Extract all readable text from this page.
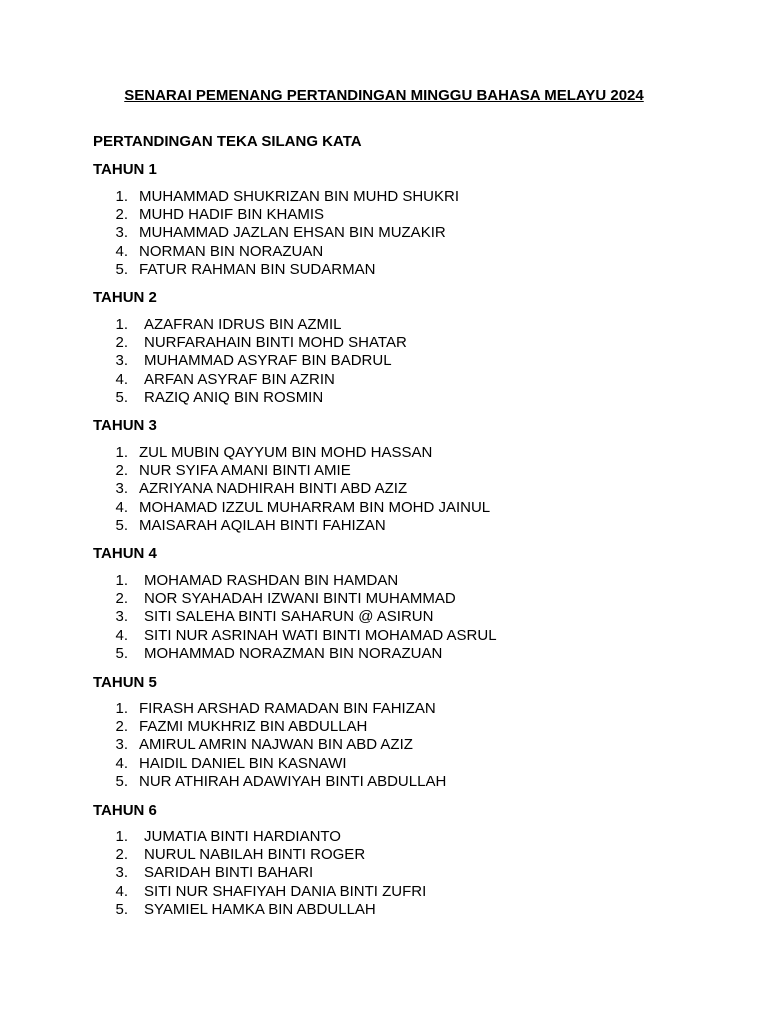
SENARAI PEMENANG PERTANDINGAN MINGGU BAHASA MELAYU 2024
PERTANDINGAN TEKA SILANG KATA
TAHUN 1
1. MUHAMMAD SHUKRIZAN BIN MUHD SHUKRI
2. MUHD HADIF BIN KHAMIS
3. MUHAMMAD JAZLAN EHSAN BIN MUZAKIR
4. NORMAN BIN NORAZUAN
5. FATUR RAHMAN BIN SUDARMAN
TAHUN 2
1. AZAFRAN IDRUS BIN AZMIL
2. NURFARAHAIN BINTI MOHD SHATAR
3. MUHAMMAD ASYRAF BIN BADRUL
4. ARFAN ASYRAF BIN AZRIN
5. RAZIQ ANIQ BIN ROSMIN
TAHUN 3
1. ZUL MUBIN QAYYUM BIN MOHD HASSAN
2. NUR SYIFA AMANI BINTI AMIE
3. AZRIYANA NADHIRAH BINTI ABD AZIZ
4. MOHAMAD IZZUL MUHARRAM BIN MOHD JAINUL
5. MAISARAH AQILAH BINTI FAHIZAN
TAHUN 4
1. MOHAMAD RASHDAN BIN HAMDAN
2. NOR SYAHADAH IZWANI BINTI MUHAMMAD
3. SITI SALEHA BINTI SAHARUN @ ASIRUN
4. SITI NUR ASRINAH WATI BINTI MOHAMAD ASRUL
5. MOHAMMAD NORAZMAN BIN NORAZUAN
TAHUN 5
1. FIRASH ARSHAD RAMADAN BIN FAHIZAN
2. FAZMI MUKHRIZ BIN ABDULLAH
3. AMIRUL AMRIN NAJWAN BIN ABD AZIZ
4. HAIDIL DANIEL BIN KASNAWI
5. NUR ATHIRAH ADAWIYAH BINTI ABDULLAH
TAHUN 6
1. JUMATIA BINTI HARDIANTO
2. NURUL NABILAH BINTI ROGER
3. SARIDAH BINTI BAHARI
4. SITI NUR SHAFIYAH DANIA BINTI ZUFRI
5. SYAMIEL HAMKA BIN ABDULLAH
